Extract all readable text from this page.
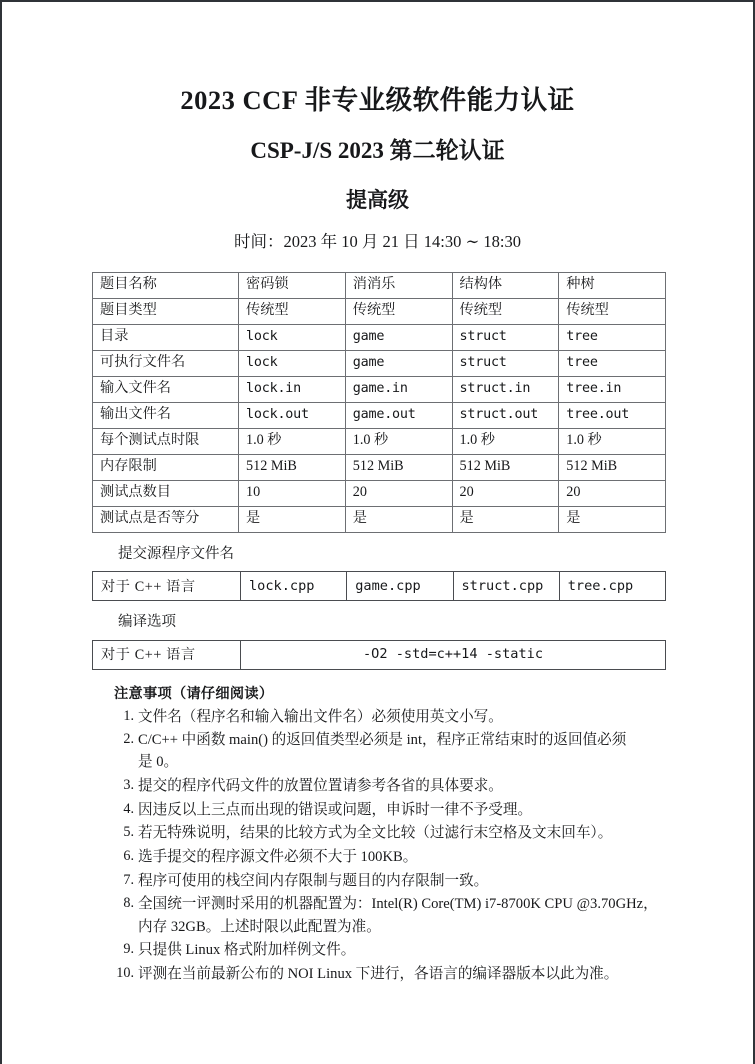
2023 CCF 非专业级软件能力认证
CSP-J/S 2023 第二轮认证
提高级

时间：2023 年 10 月 21 日 14:30 ∼ 18:30

题目名称	密码锁	消消乐	结构体	种树
题目类型	传统型	传统型	传统型	传统型
目录	lock	game	struct	tree
可执行文件名	lock	game	struct	tree
输入文件名	lock.in	game.in	struct.in	tree.in
输出文件名	lock.out	game.out	struct.out	tree.out
每个测试点时限	1.0 秒	1.0 秒	1.0 秒	1.0 秒
内存限制	512 MiB	512 MiB	512 MiB	512 MiB
测试点数目	10	20	20	20
测试点是否等分	是	是	是	是

提交源程序文件名

对于 C++ 语言	lock.cpp	game.cpp	struct.cpp	tree.cpp

编译选项

对于 C++ 语言	-O2 -std=c++14 -static

注意事项（请仔细阅读）

文件名（程序名和输入输出文件名）必须使用英文小写。
C/C++ 中函数 main() 的返回值类型必须是 int，程序正常结束时的返回值必须
是 0。
提交的程序代码文件的放置位置请参考各省的具体要求。
因违反以上三点而出现的错误或问题，申诉时一律不予受理。
若无特殊说明，结果的比较方式为全文比较（过滤行末空格及文末回车）。
选手提交的程序源文件必须不大于 100KB。
程序可使用的栈空间内存限制与题目的内存限制一致。
全国统一评测时采用的机器配置为：Intel(R) Core(TM) i7-8700K CPU @3.70GHz，
内存 32GB。上述时限以此配置为准。
只提供 Linux 格式附加样例文件。
评测在当前最新公布的 NOI Linux 下进行，各语言的编译器版本以此为准。
